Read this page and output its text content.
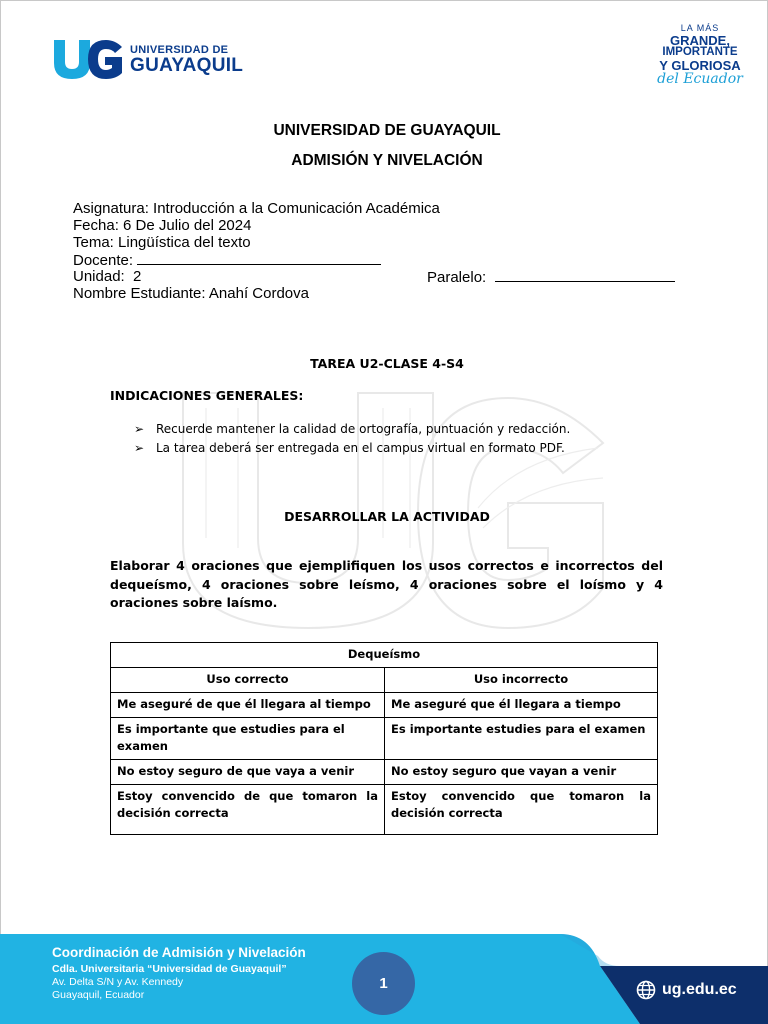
UNIVERSIDAD DE
GUAYAQUIL
LA MÁS
GRANDE,
IMPORTANTE
Y GLORIOSA
del Ecuador
UNIVERSIDAD DE GUAYAQUIL
ADMISIÓN Y NIVELACIÓN
Asignatura: Introducción a la Comunicación Académica
Fecha: 6 De Julio del 2024
Tema: Lingüística del texto
Docente:
Unidad: 2	Paralelo:
Nombre Estudiante: Anahí Cordova
TAREA U2-CLASE 4-S4
INDICACIONES GENERALES:
➢ Recuerde mantener la calidad de ortografía, puntuación y redacción.
➢ La tarea deberá ser entregada en el campus virtual en formato PDF.
DESARROLLAR LA ACTIVIDAD
Elaborar 4 oraciones que ejemplifiquen los usos correctos e incorrectos del dequeísmo, 4 oraciones sobre leísmo, 4 oraciones sobre el loísmo y 4 oraciones sobre laísmo.
Dequeísmo	
Uso correcto	Uso incorrecto
Me aseguré de que él llegara al tiempo	Me aseguré que él llegara a tiempo
Es importante que estudies para el examen	Es importante estudies para el examen
No estoy seguro de que vaya a venir	No estoy seguro que vayan a venir
Estoy convencido de que tomaron la decisión correcta	Estoy convencido que tomaron la decisión correcta
Coordinación de Admisión y Nivelación
Cdla. Universitaria “Universidad de Guayaquil”
Av. Delta S/N y Av. Kennedy
Guayaquil, Ecuador
1	ug.edu.ec
